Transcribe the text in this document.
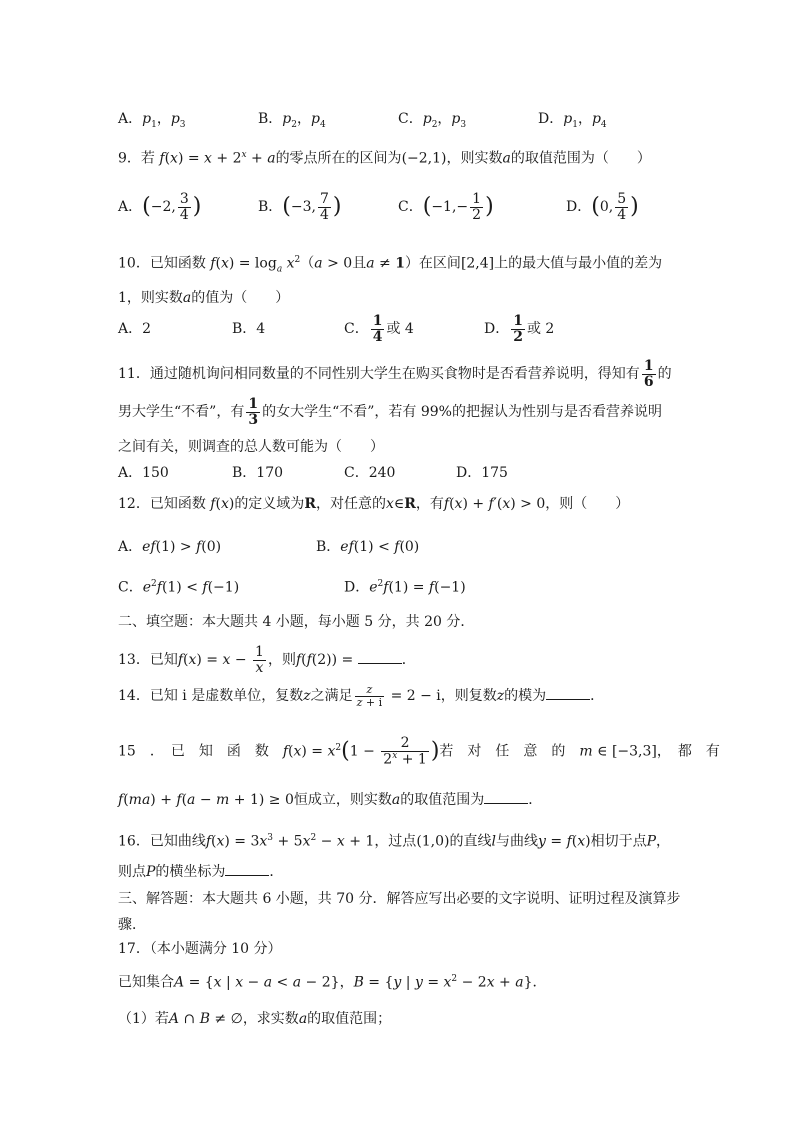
A．$p_1$，$p_3$	B．$p_2$，$p_4$	C．$p_2$，$p_3$	D．$p_1$，$p_4$
9．若 $f(x) = x + 2^x + a$的零点所在的区间为(−2,1)，则实数a的取值范围为（　　）
A．(−2, $\frac{3}{4}$ )	B．(−3, $\frac{7}{4}$ )	C．($-1,- \frac{1}{2}$ )	D．(0, $\frac{5}{4}$ )
10．已知函数 $f(x) = \log_a x^2(a > 0$且a ≠ 1）在区间[2,4]上的最大值与最小值的差为
1，则实数a的值为（　　）
A．2	B．4	C． $\frac{1}{4}$ 或 4	D． $\frac{1}{2}$ 或 2
11．通过随机询问相同数量的不同性别大学生在购买食物时是否看营养说明，得知有 $\frac{1}{6}$ 的
男大学生“不看”，有 $\frac{1}{3}$ 的女大学生“不看”，若有 99%的把握认为性别与是否看营养说明
之间有关，则调查的总人数可能为（　　）
A．150	B．170	C．240	D．175
12．已知函数 f(x)的定义域为R，对任意的x∈R，有f(x) + f′(x) > 0，则（　　）
A．ef(1) > f(0)	B．ef(1) < f(0)
C．$e^2f(1) < f(-1)$	D．$e^2f(1) = f(-1)$
二、填空题：本大题共 4 小题，每小题 5 分，共 20 分．
13．已知$f(x) = x - \frac{1}{x}$ ，则f(f(2)) =	．
14．已知 i 是虚数单位，复数z之满足 $\frac{z}{z + i} = 2 - i$，则复数z的模为	．
15　．　已　知　函　数　 $f(x) = x^2(1 - \frac{2}{2^x + 1}$ )若　对　任　意　的　 m ∈ [−3,3]，　都　有
f(ma) + f(a − m + 1) ≥ 0恒成立，则实数a的取值范围为	．
16．已知曲线$f(x) = 3x^3 + 5x^2 - x + 1$，过点(1,0)的直线l与曲线y = f(x)相切于点P，
则点P的横坐标为	．
三、解答题：本大题共 6 小题，共 70 分．解答应写出必要的文字说明、证明过程及演算步
骤．
17．（本小题满分 10 分）
已知集合A = {x | x − a < a − 2}，B = {y | $y = x^2 - 2x + a$}．
（1）若A ∩ B ≠ ∅，求实数a的取值范围；
